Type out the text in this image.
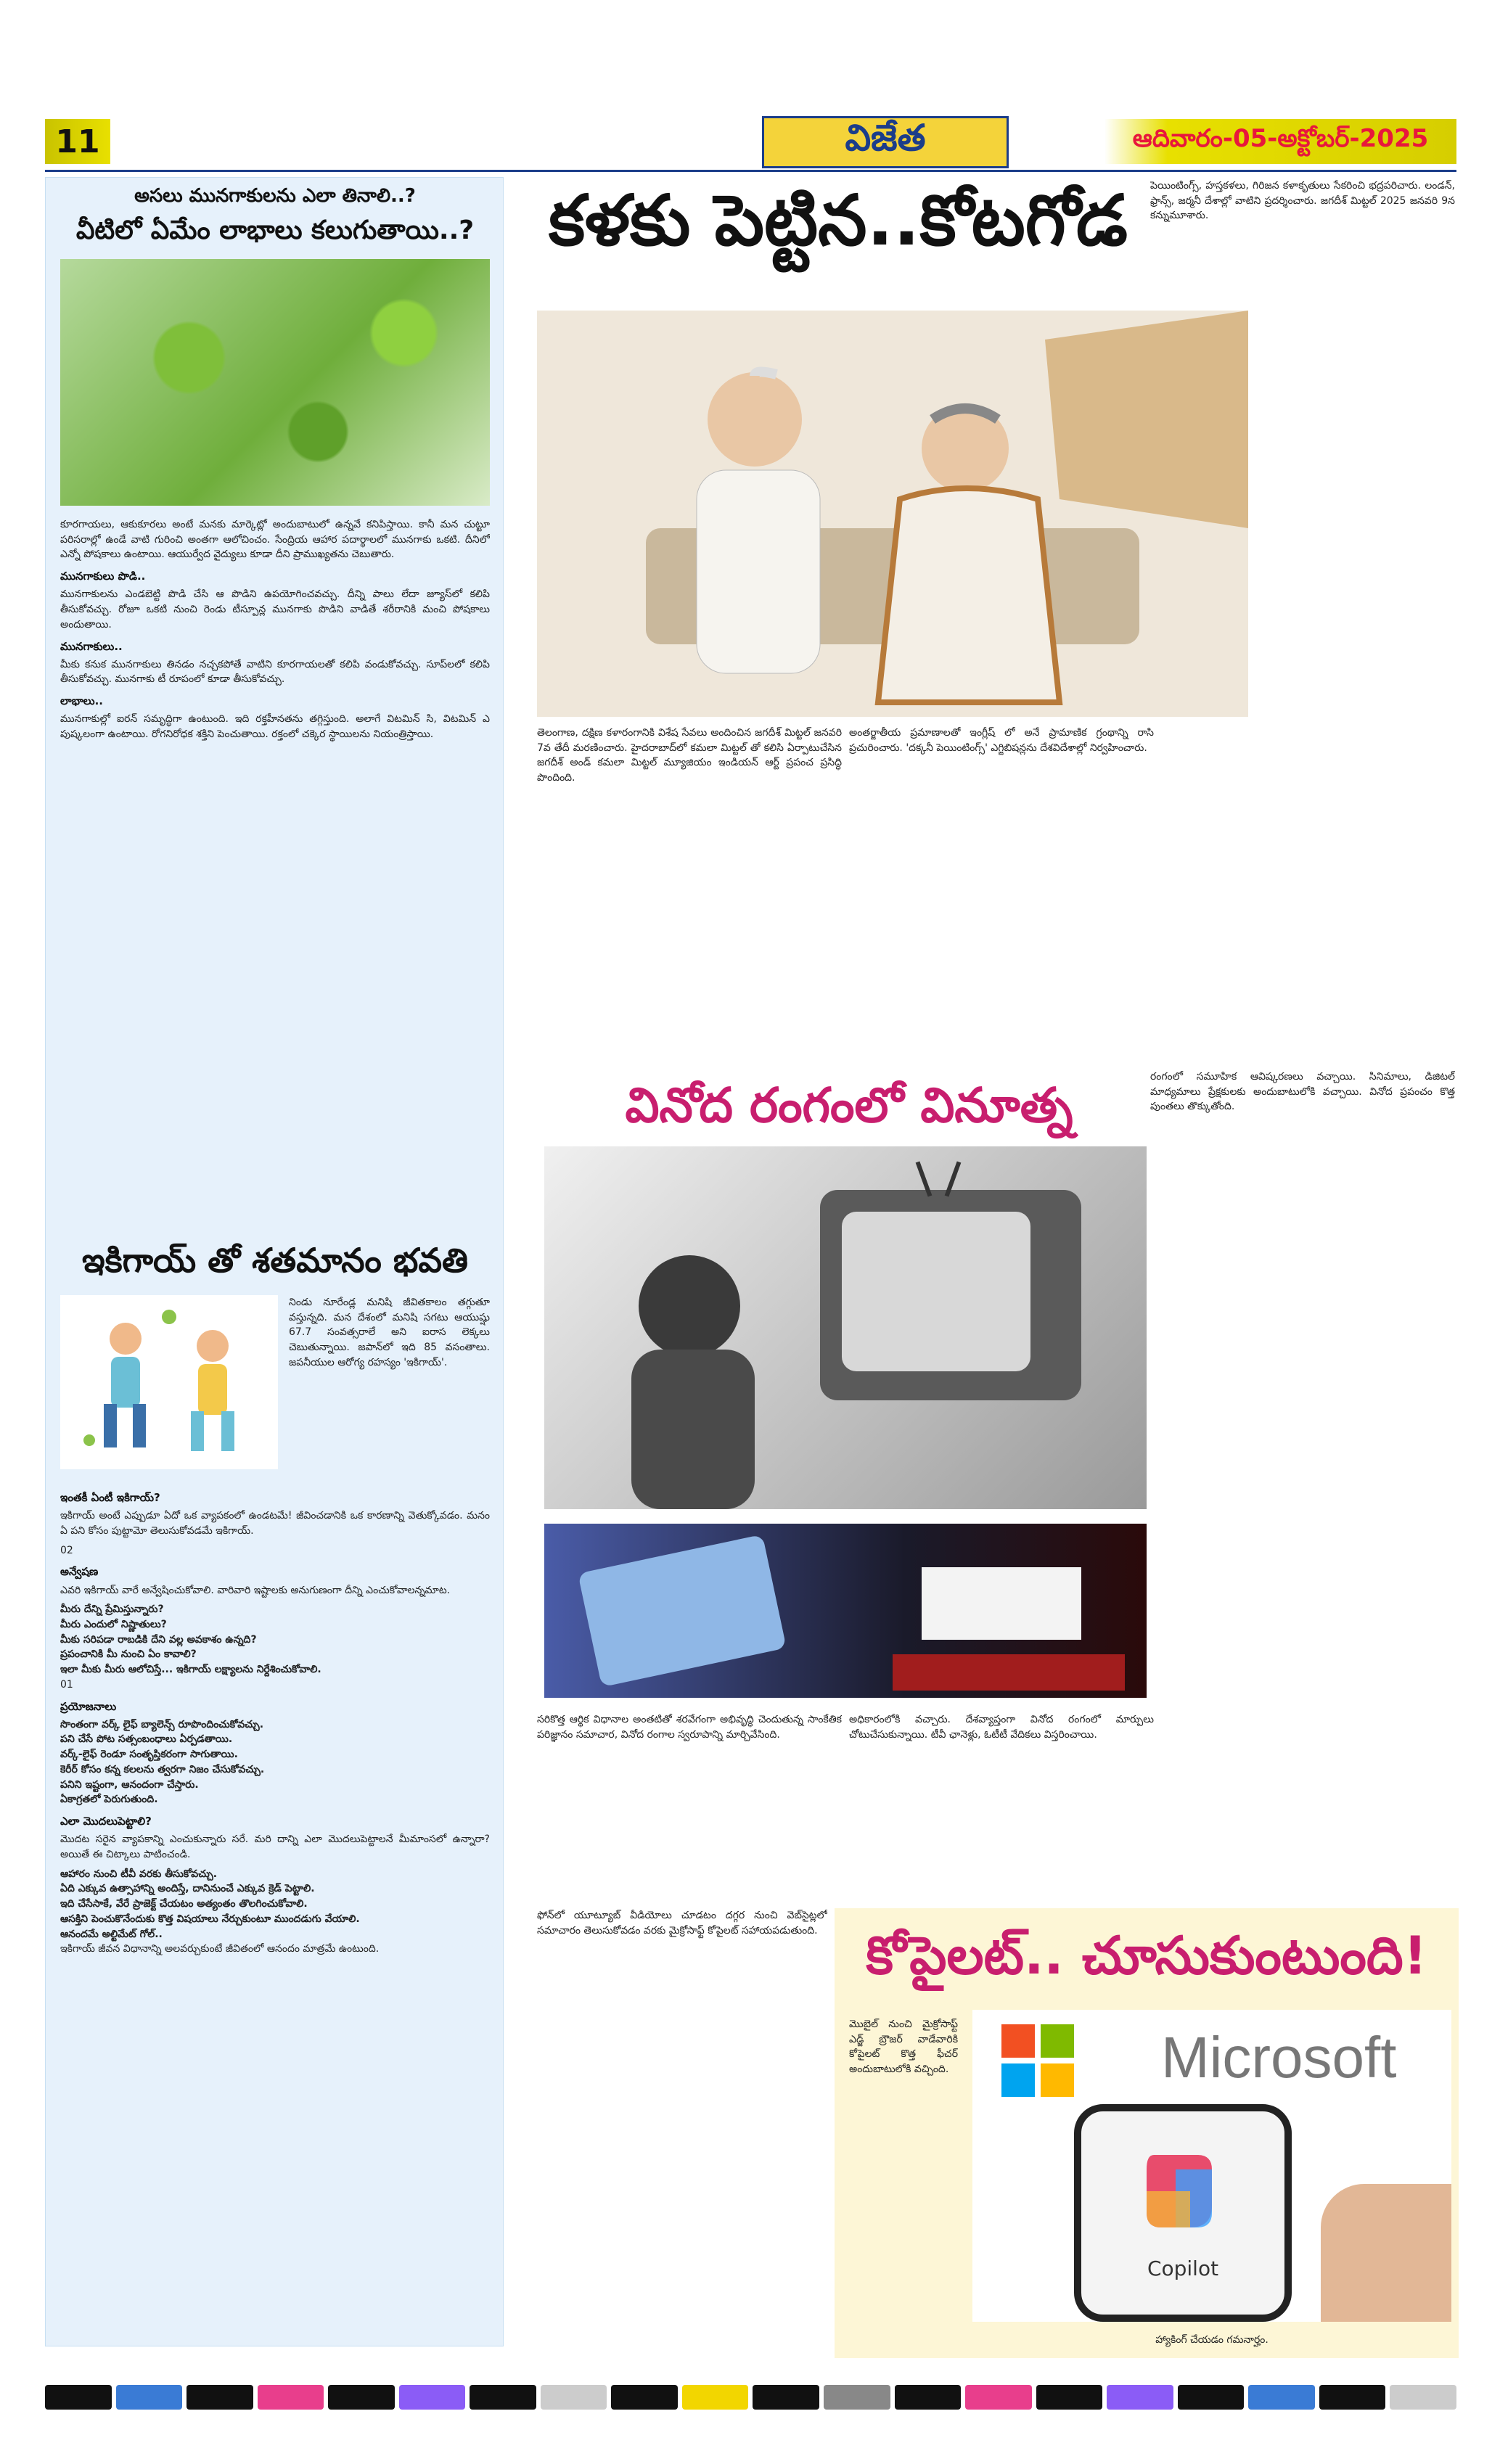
11	విజేత	ఆదివారం-05-అక్టోబర్-2025
అసలు మునగాకులను ఎలా తినాలి..?
వీటిలో ఏమేం లాభాలు కలుగుతాయి..?

కూరగాయలు, ఆకుకూరలు అంటే మనకు మార్కెట్లో అందుబాటులో ఉన్నవే కనిపిస్తాయి. కానీ మన చుట్టూ పరిసరాల్లో ఉండే వాటి గురించి అంతగా ఆలోచించం. సేంద్రియ ఆహార పదార్థాలలో మునగాకు ఒకటి. దీనిలో ఎన్నో పోషకాలు ఉంటాయి. ఆయుర్వేద వైద్యులు కూడా దీని ప్రాముఖ్యతను చెబుతారు.

మునగాకులు పొడి..

మునగాకులను ఎండబెట్టి పొడి చేసి ఆ పొడిని ఉపయోగించవచ్చు. దీన్ని పాలు లేదా జ్యూస్‌లో కలిపి తీసుకోవచ్చు. రోజూ ఒకటి నుంచి రెండు టీస్పూన్ల మునగాకు పొడిని వాడితే శరీరానికి మంచి పోషకాలు అందుతాయి.

మునగాకులు..

మీకు కనుక మునగాకులు తినడం నచ్చకపోతే వాటిని కూరగాయలతో కలిపి వండుకోవచ్చు. సూప్‌లలో కలిపి తీసుకోవచ్చు. మునగాకు టీ రూపంలో కూడా తీసుకోవచ్చు.

లాభాలు..

మునగాకుల్లో ఐరన్ సమృద్ధిగా ఉంటుంది. ఇది రక్తహీనతను తగ్గిస్తుంది. అలాగే విటమిన్ సి, విటమిన్ ఎ పుష్కలంగా ఉంటాయి. రోగనిరోధక శక్తిని పెంచుతాయి. రక్తంలో చక్కెర స్థాయిలను నియంత్రిస్తాయి.

ఇకిగాయ్ తో శతమానం భవతి
నిండు నూరేండ్ల మనిషి జీవితకాలం తగ్గుతూ వస్తున్నది. మన దేశంలో మనిషి సగటు ఆయుష్షు 67.7 సంవత్సరాలే అని ఐరాస లెక్కలు చెబుతున్నాయి. జపాన్‌లో ఇది 85 వసంతాలు. జపనీయుల ఆరోగ్య రహస్యం 'ఇకిగాయ్'.
ఇంతకీ ఏంటీ ఇకిగాయ్?

ఇకిగాయ్ అంటే ఎప్పుడూ ఏదో ఒక వ్యాపకంలో ఉండటమే! జీవించడానికి ఒక కారణాన్ని వెతుక్కోవడం. మనం ఏ పని కోసం పుట్టామో తెలుసుకోవడమే ఇకిగాయ్.

02

అన్వేషణ

ఎవరి ఇకిగాయ్ వారే అన్వేషించుకోవాలి. వారివారి ఇష్టాలకు అనుగుణంగా దీన్ని ఎంచుకోవాలన్నమాట.

మీరు దేన్ని ప్రేమిస్తున్నారు?
మీరు ఎందులో నిష్ణాతులు?
మీకు సరిపడా రాబడికి దేని వల్ల అవకాశం ఉన్నది?
ప్రపంచానికి మీ నుంచి ఏం కావాలి?
ఇలా మీకు మీరు ఆలోచిస్తే... ఇకిగాయ్ లక్ష్యాలను నిర్దేశించుకోవాలి.

01

ప్రయోజనాలు
సొంతంగా వర్క్ లైఫ్ బ్యాలెన్స్ రూపొందించుకోవచ్చు.
పని చేసే పోట సత్సంబంధాలు ఏర్పడతాయి.
వర్క్-లైఫ్ రెండూ సంతృప్తికరంగా సాగుతాయి.
కెరీర్ కోసం కన్న కలలను త్వరగా నిజం చేసుకోవచ్చు.
పనిని ఇష్టంగా, ఆనందంగా చేస్తారు.
ఏకాగ్రతలో పెరుగుతుంది.
ఎలా మొదలుపెట్టాలి?

మొదట సరైన వ్యాపకాన్ని ఎంచుకున్నారు సరే. మరి దాన్ని ఎలా మొదలుపెట్టాలనే మీమాంసలో ఉన్నారా? అయితే ఈ చిట్కాలు పాటించండి.

ఆహారం నుంచి టీవీ వరకు తీసుకోవచ్చు.
ఏది ఎక్కువ ఉత్సాహాన్ని అందిస్తే, దానినుంచే ఎక్కువ క్రెడ్ పెట్టాలి.
ఇది చేసేసాకే, వేరే ప్రాజెక్ట్ చేయటం అత్యంతం తొలగించుకోవాలి.
ఆసక్తిని పెంచుకొనేందుకు కొత్త విషయాలు నేర్చుకుంటూ ముందడుగు వేయాలి.
ఆనందమే అల్టిమేట్ గోల్..

ఇకిగాయ్ జీవన విధానాన్ని అలవర్చుకుంటే జీవితంలో ఆనందం మాత్రమే ఉంటుంది.

కళకు పెట్టిన..కోటగోడ	పెయింటింగ్స్, హస్తకళలు, గిరిజన కళాకృతులు సేకరించి భద్రపరిచారు. లండన్, ఫ్రాన్స్, జర్మనీ దేశాల్లో వాటిని ప్రదర్శించారు. జగదీశ్ మిట్టల్ 2025 జనవరి 9న కన్నుమూశారు.
తెలంగాణ, దక్షిణ కళారంగానికి విశేష సేవలు అందించిన జగదీశ్ మిట్టల్ జనవరి 7వ తేదీ మరణించారు. హైదరాబాద్‌లో కమలా మిట్టల్ తో కలిసి ఏర్పాటుచేసిన జగదీశ్ అండ్ కమలా మిట్టల్ మ్యూజియం ఇండియన్ ఆర్ట్ ప్రపంచ ప్రసిద్ధి పొందింది.
అంతర్జాతీయ ప్రమాణాలతో ఇంగ్లీష్ లో అనే ప్రామాణిక గ్రంథాన్ని రాసి ప్రచురించారు. 'దక్కనీ పెయింటింగ్స్' ఎగ్జిబిషన్లను దేశవిదేశాల్లో నిర్వహించారు.
వినోద రంగంలో వినూత్న
సరికొత్త ఆర్థిక విధానాల అంతటితో శరవేగంగా అభివృద్ధి చెందుతున్న సాంకేతిక పరిజ్ఞానం సమాచార, వినోద రంగాల స్వరూపాన్ని మార్చివేసింది.
అధికారంలోకి వచ్చారు. దేశవ్యాప్తంగా వినోద రంగంలో మార్పులు చోటుచేసుకున్నాయి. టీవీ ఛానెళ్లు, ఓటీటీ వేదికలు విస్తరించాయి.
రంగంలో సమూహిక ఆవిష్కరణలు వచ్చాయి. సినిమాలు, డిజిటల్ మాధ్యమాలు ప్రేక్షకులకు అందుబాటులోకి వచ్చాయి. వినోద ప్రపంచం కొత్త పుంతలు తొక్కుతోంది.
ఫోన్‌లో యూట్యూబ్ వీడియోలు చూడటం దగ్గర నుంచి వెబ్‌సైట్లలో సమాచారం తెలుసుకోవడం వరకు మైక్రోసాఫ్ట్ కోపైలట్ సహాయపడుతుంది. కోపైలట్.. చూసుకుంటుంది!
మొబైల్‌ నుంచి మైక్రోసాఫ్ట్ ఎడ్జ్ బ్రౌజర్ వాడేవారికి కోపైలట్ కొత్త ఫీచర్ అందుబాటులోకి వచ్చింది.	Microsoft
Copilot
హ్యాకింగ్ చేయడం గమనార్హం.
